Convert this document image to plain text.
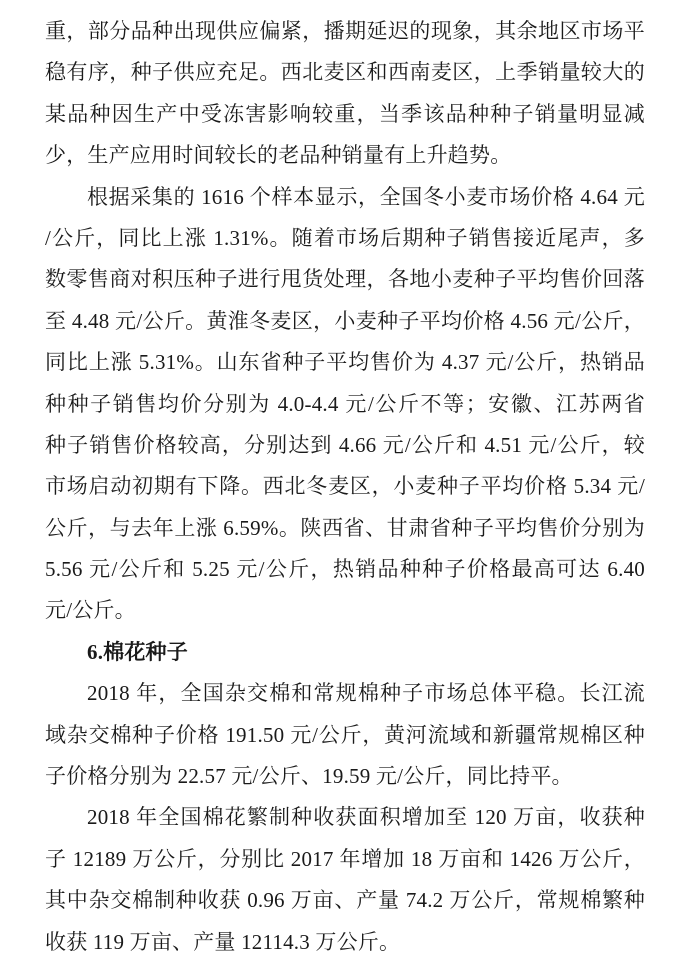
重，部分品种出现供应偏紧，播期延迟的现象，其余地区市场平
稳有序，种子供应充足。西北麦区和西南麦区，上季销量较大的
某品种因生产中受冻害影响较重，当季该品种种子销量明显减
少，生产应用时间较长的老品种销量有上升趋势。
根据采集的 1616 个样本显示，全国冬小麦市场价格 4.64 元
/公斤，同比上涨 1.31%。随着市场后期种子销售接近尾声，多
数零售商对积压种子进行甩货处理，各地小麦种子平均售价回落
至 4.48 元/公斤。黄淮冬麦区，小麦种子平均价格 4.56 元/公斤，
同比上涨 5.31%。山东省种子平均售价为 4.37 元/公斤，热销品
种种子销售均价分别为 4.0-4.4 元/公斤不等；安徽、江苏两省
种子销售价格较高，分别达到 4.66 元/公斤和 4.51 元/公斤，较
市场启动初期有下降。西北冬麦区，小麦种子平均价格 5.34 元/
公斤，与去年上涨 6.59%。陕西省、甘肃省种子平均售价分别为
5.56 元/公斤和 5.25 元/公斤，热销品种种子价格最高可达 6.40
元/公斤。
6.棉花种子
2018 年，全国杂交棉和常规棉种子市场总体平稳。长江流
域杂交棉种子价格 191.50 元/公斤，黄河流域和新疆常规棉区种
子价格分别为 22.57 元/公斤、19.59 元/公斤，同比持平。
2018 年全国棉花繁制种收获面积增加至 120 万亩，收获种
子 12189 万公斤，分别比 2017 年增加 18 万亩和 1426 万公斤，
其中杂交棉制种收获 0.96 万亩、产量 74.2 万公斤，常规棉繁种
收获 119 万亩、产量 12114.3 万公斤。
